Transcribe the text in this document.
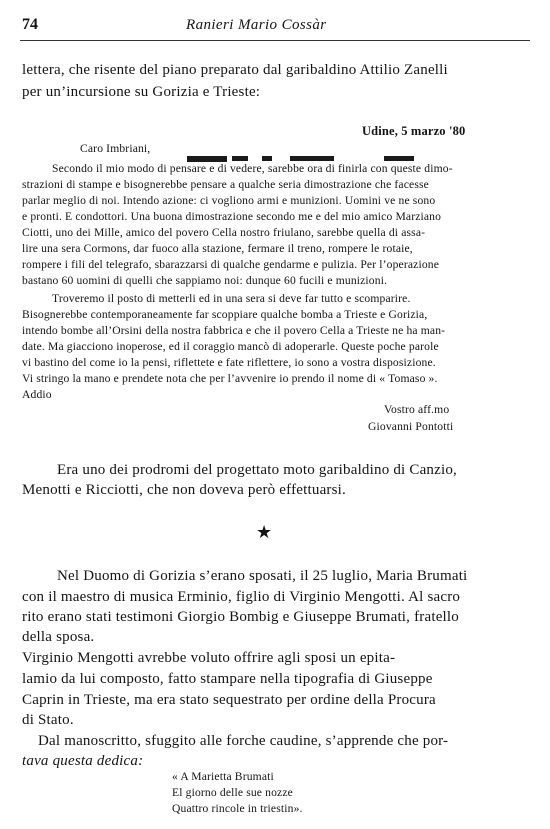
74	Ranieri Mario Cossàr
lettera, che risente del piano preparato dal garibaldino Attilio Zanelli
per un’incursione su Gorizia e Trieste:
Udine, 5 marzo '80
Caro Imbriani,
Secondo il mio modo di pensare e di vedere, sarebbe ora di finirla con queste dimo-
strazioni di stampe e bisognerebbe pensare a qualche seria dimostrazione che facesse
parlar meglio di noi. Intendo azione: ci vogliono armi e munizioni. Uomini ve ne sono
e pronti. E condottori. Una buona dimostrazione secondo me e del mio amico Marziano
Ciotti, uno dei Mille, amico del povero Cella nostro friulano, sarebbe quella di assa-
lire una sera Cormons, dar fuoco alla stazione, fermare il treno, rompere le rotaie,
rompere i fili del telegrafo, sbarazzarsi di qualche gendarme e pulizia. Per l’operazione
bastano 60 uomini di quelli che sappiamo noi: dunque 60 fucili e munizioni.
Troveremo il posto di metterli ed in una sera si deve far tutto e scomparire.
Bisognerebbe contemporaneamente far scoppiare qualche bomba a Trieste e Gorizia,
intendo bombe all’Orsini della nostra fabbrica e che il povero Cella a Trieste ne ha man-
date. Ma giacciono inoperose, ed il coraggio mancò di adoperarle. Queste poche parole
vi bastino del come io la pensi, riflettete e fate riflettere, io sono a vostra disposizione.
Vi stringo la mano e prendete nota che per l’avvenire io prendo il nome di « Tomaso ».
Addio
Vostro aff.mo
Giovanni Pontotti
Era uno dei prodromi del progettato moto garibaldino di Canzio,
Menotti e Ricciotti, che non doveva però effettuarsi.
★
Nel Duomo di Gorizia s’erano sposati, il 25 luglio, Maria Brumati
con il maestro di musica Erminio, figlio di Virginio Mengotti. Al sacro
rito erano stati testimoni Giorgio Bombig e Giuseppe Brumati, fratello
della sposa.
Virginio Mengotti avrebbe voluto offrire agli sposi un epita-
lamio da lui composto, fatto stampare nella tipografia di Giuseppe
Caprin in Trieste, ma era stato sequestrato per ordine della Procura
di Stato.
Dal manoscritto, sfuggito alle forche caudine, s’apprende che por-
tava questa dedica:
« A Marietta Brumati
El giorno delle sue nozze
Quattro rincole in triestin».
